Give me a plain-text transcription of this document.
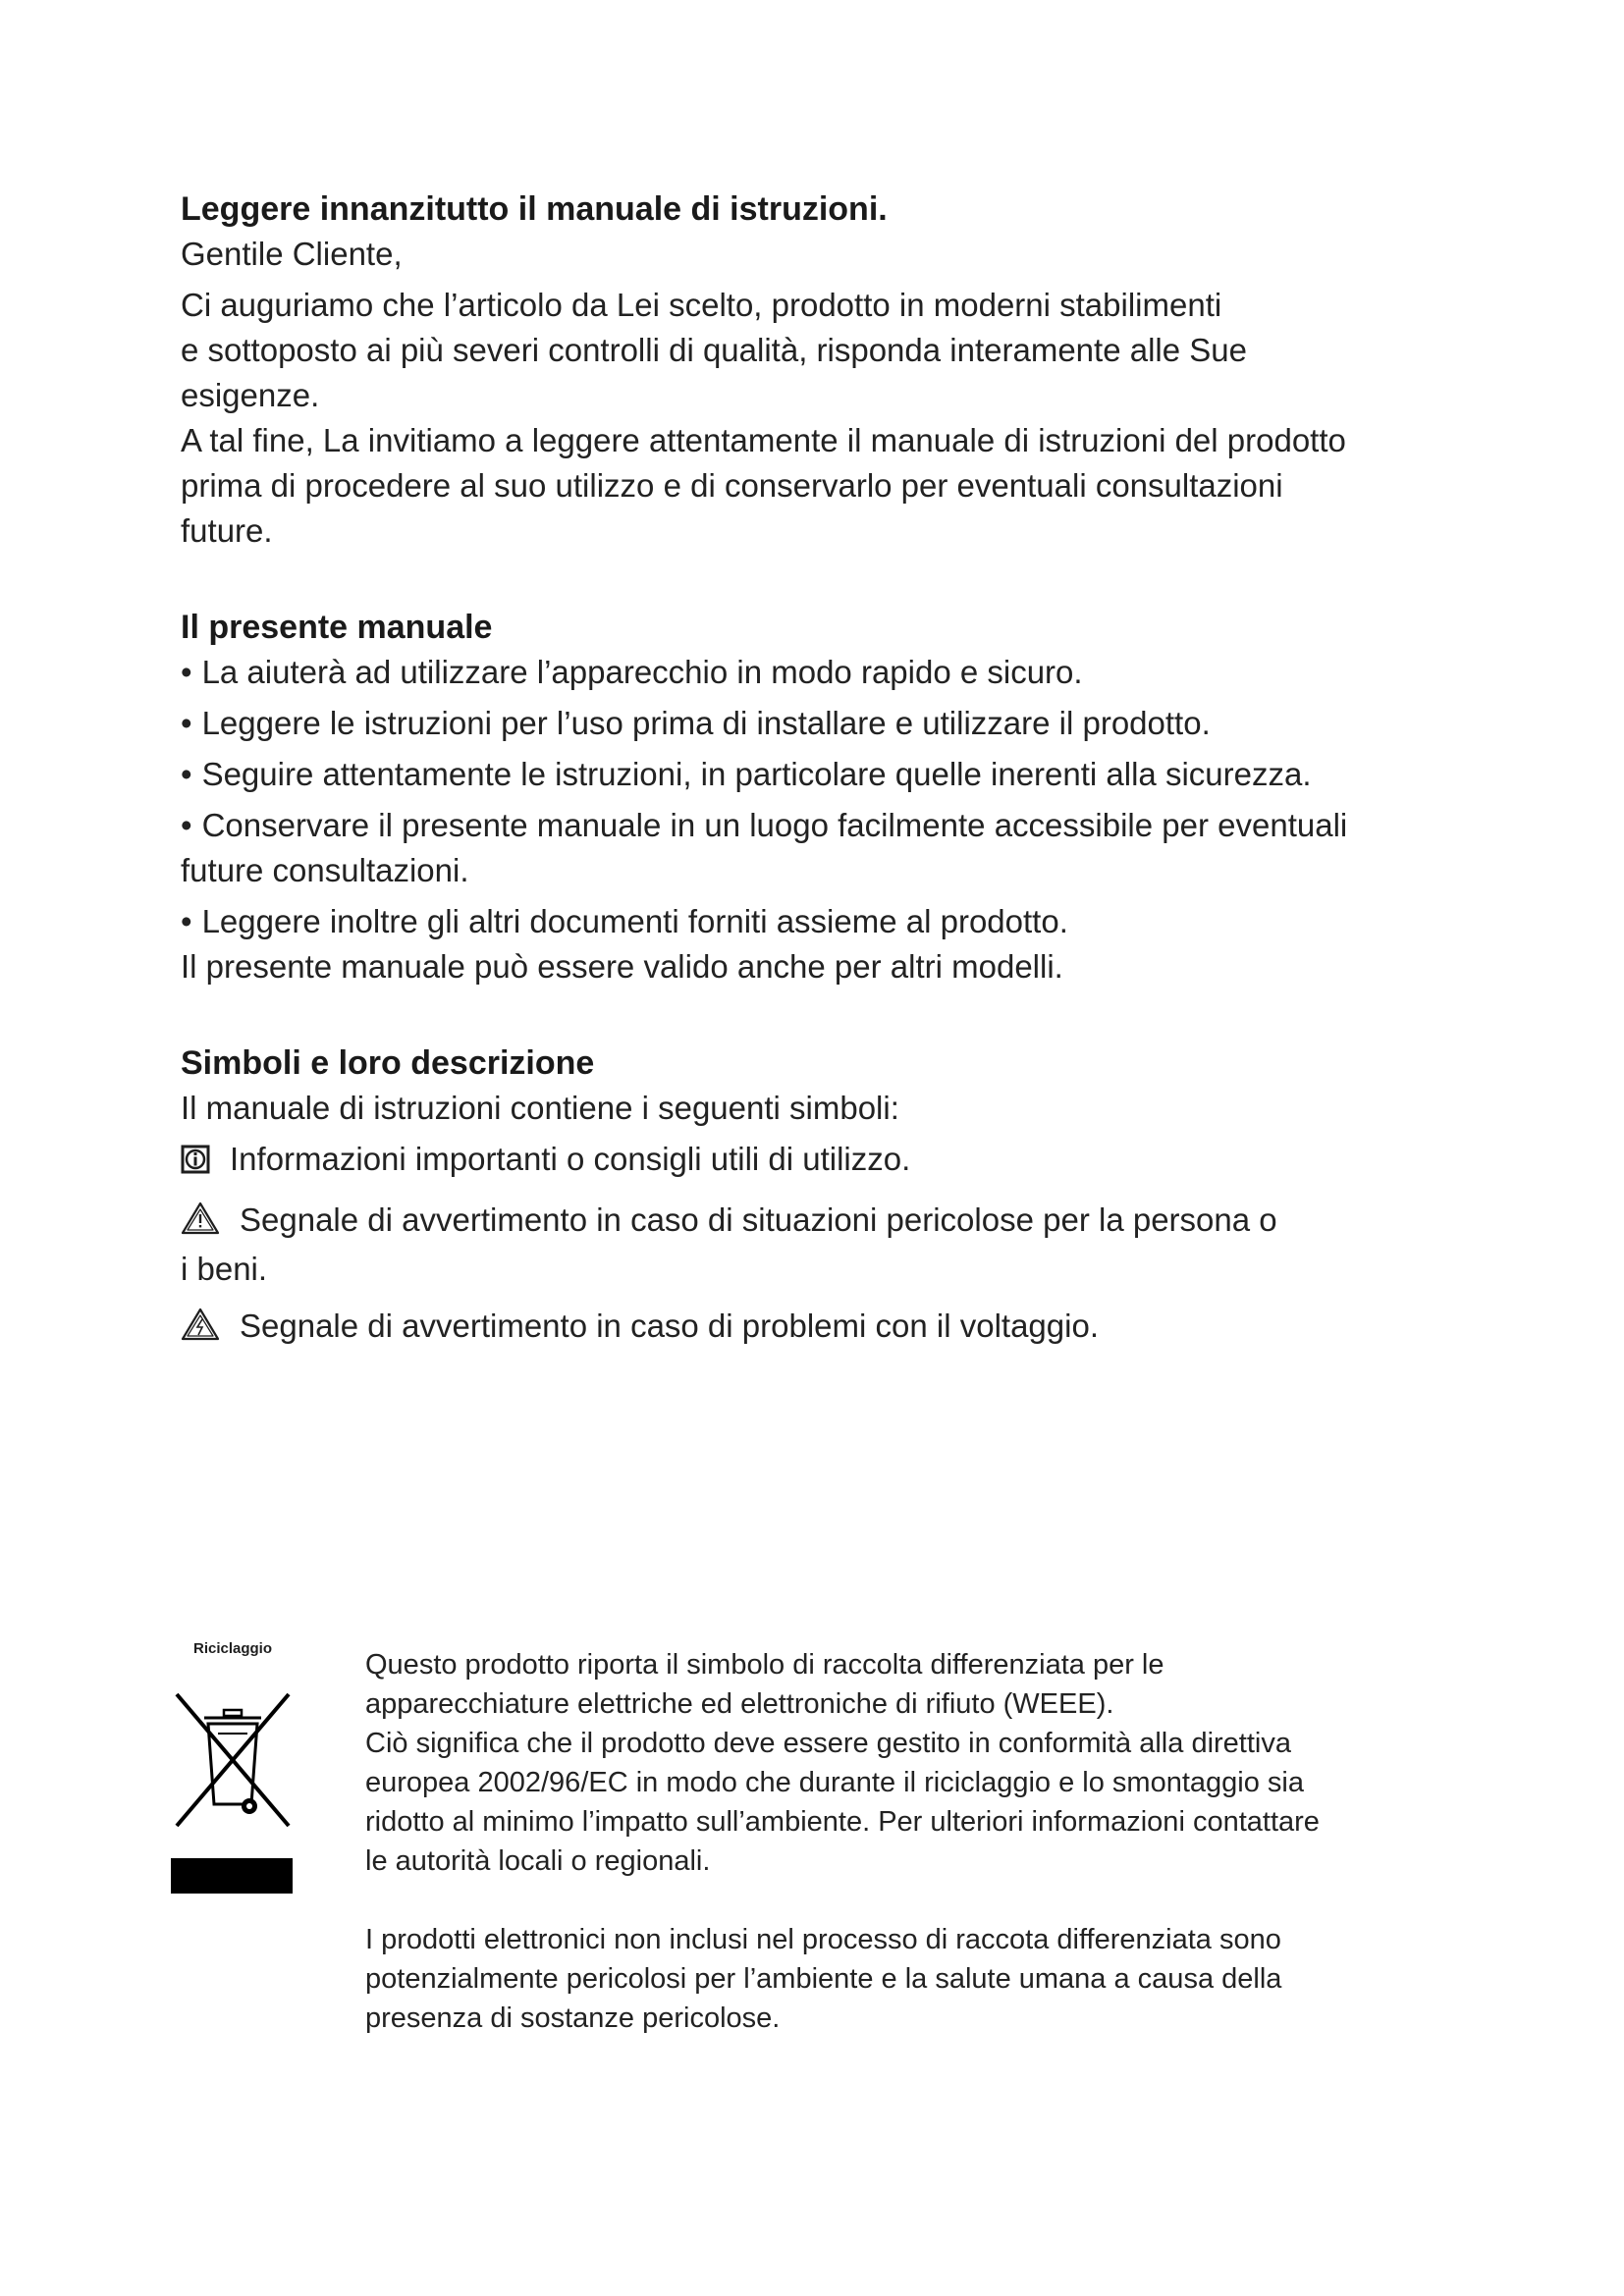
Leggere innanzitutto il manuale di istruzioni.

Gentile Cliente,

Ci auguriamo che l’articolo da Lei scelto, prodotto in moderni stabilimenti

e sottoposto ai più severi controlli di qualità, risponda interamente alle Sue

esigenze.

A tal fine, La invitiamo a leggere attentamente il manuale di istruzioni del prodotto

prima di procedere al suo utilizzo e di conservarlo per eventuali consultazioni

future.

Il presente manuale

• La aiuterà ad utilizzare l’apparecchio in modo rapido e sicuro.

• Leggere le istruzioni per l’uso prima di installare e utilizzare il prodotto.

• Seguire attentamente le istruzioni, in particolare quelle inerenti alla sicurezza.

• Conservare il presente manuale in un luogo facilmente accessibile per eventuali

future consultazioni.

• Leggere inoltre gli altri documenti forniti assieme al prodotto.

Il presente manuale può essere valido anche per altri modelli.

Simboli e loro descrizione

Il manuale di istruzioni contiene i seguenti simboli:

Informazioni importanti o consigli utili di utilizzo.
Segnale di avvertimento in caso di situazioni pericolose per la persona o

i beni.

Segnale di avvertimento in caso di problemi con il voltaggio.

Riciclaggio

Questo prodotto riporta il simbolo di raccolta differenziata per le

apparecchiature elettriche ed elettroniche di rifiuto (WEEE).

Ciò significa che il prodotto deve essere gestito in conformità alla direttiva

europea 2002/96/EC in modo che durante il riciclaggio e lo smontaggio sia

ridotto al minimo l’impatto sull’ambiente. Per ulteriori informazioni contattare

le autorità locali o regionali.

I prodotti elettronici non inclusi nel processo di raccota differenziata sono

potenzialmente pericolosi per l’ambiente e la salute umana a causa della

presenza di sostanze pericolose.
